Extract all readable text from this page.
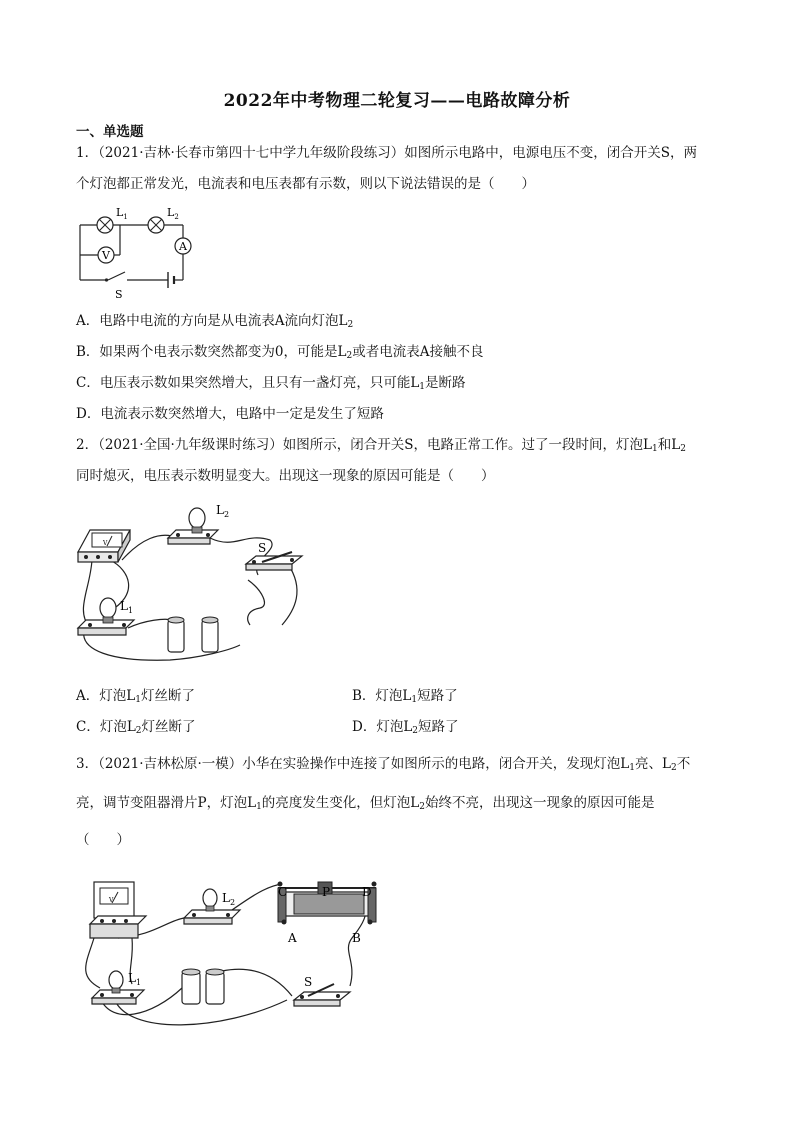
2022年中考物理二轮复习——电路故障分析
一、单选题
1．（2021·吉林·长春市第四十七中学九年级阶段练习）如图所示电路中，电源电压不变，闭合开关S，两
个灯泡都正常发光，电流表和电压表都有示数，则以下说法错误的是（　　）
V
A
$L_1$	$L_2$
S
A．电路中电流的方向是从电流表A流向灯泡$L_2$
B．如果两个电表示数突然都变为0，可能是$L_2$或者电流表A接触不良
C．电压表示数如果突然增大，且只有一盏灯亮，只可能$L_1$是断路
D．电流表示数突然增大，电路中一定是发生了短路
2．（2021·全国·九年级课时练习）如图所示，闭合开关S，电路正常工作。过了一段时间，灯泡$L_1$和$L_2$
同时熄灭，电压表示数明显变大。出现这一现象的原因可能是（　　）
V
$L_2$
S
$L_1$
A．灯泡$L_1$灯丝断了	B．灯泡$L_1$短路了
C．灯泡$L_2$灯丝断了	D．灯泡$L_2$短路了
3．（2021·吉林松原·一模）小华在实验操作中连接了如图所示的电路，闭合开关，发现灯泡$L_1$亮、$L_2$不
亮，调节变阻器滑片P，灯泡$L_1$的亮度发生变化，但灯泡$L_2$始终不亮，出现这一现象的原因可能是
（　　）
V	$L_2$
C	P	D
A	B
S
$L_1$
